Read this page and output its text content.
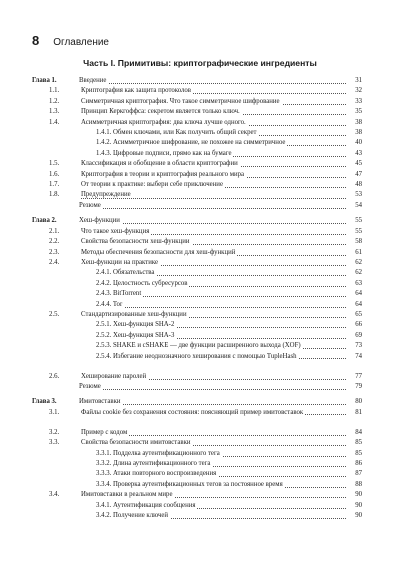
8 Оглавление
Часть I. Примитивы: криптографические ингредиенты
Глава 1.	Введение	31
1.1.	Криптография как защита протоколов	32
1.2.	Симметричная криптография. Что такое симметричное шифрование	33
1.3.	Принцип Керкгоффса: секретом является только ключ.	35
1.4.	Асимметричная криптография: два ключа лучше одного.	38
1.4.1. Обмен ключами, или Как получить общий секрет	38
1.4.2. Асимметричное шифрование, не похожее на симметричное	40
1.4.3. Цифровые подписи, прямо как на бумаге	43
1.5.	Классификация и обобщение в области криптографии	45
1.6.	Криптография в теории и криптография реального мира	47
1.7.	От теории к практике: выбери себе приключение	48
1.8.	Предупреждение	53
Резюме	54
Глава 2.	Хеш-функции	55
2.1.	Что такое хеш-функция	55
2.2.	Свойства безопасности хеш-функции	58
2.3.	Методы обеспечения безопасности для хеш-функций	61
2.4.	Хеш-функции на практике	62
2.4.1. Обязательства	62
2.4.2. Целостность субресурсов	63
2.4.3. BitTorrent	64
2.4.4. Tor	64
2.5.	Стандартизированные хеш-функции	65
2.5.1. Хеш-функция SHA-2	66
2.5.2. Хеш-функция SHA-3	69
2.5.3. SHAKE и cSHAKE — две функции расширенного выхода (XOF)	73
2.5.4. Избегание неоднозначного хеширования с помощью TupleHash	74
2.6.	Хеширование паролей	77
Резюме	79
Глава 3.	Имитовставки	80
3.1.	Файлы cookie без сохранения состояния: поясняющий пример имитовставок	81
3.2.	Пример с кодом	84
3.3.	Свойства безопасности имитовставки	85
3.3.1. Подделка аутентификационного тега	85
3.3.2. Длина аутентификационного тега	86
3.3.3. Атаки повторного воспроизведения	87
3.3.4. Проверка аутентификационных тегов за постоянное время	88
3.4.	Имитовставки в реальном мире	90
3.4.1. Аутентификация сообщения	90
3.4.2. Получение ключей	90
